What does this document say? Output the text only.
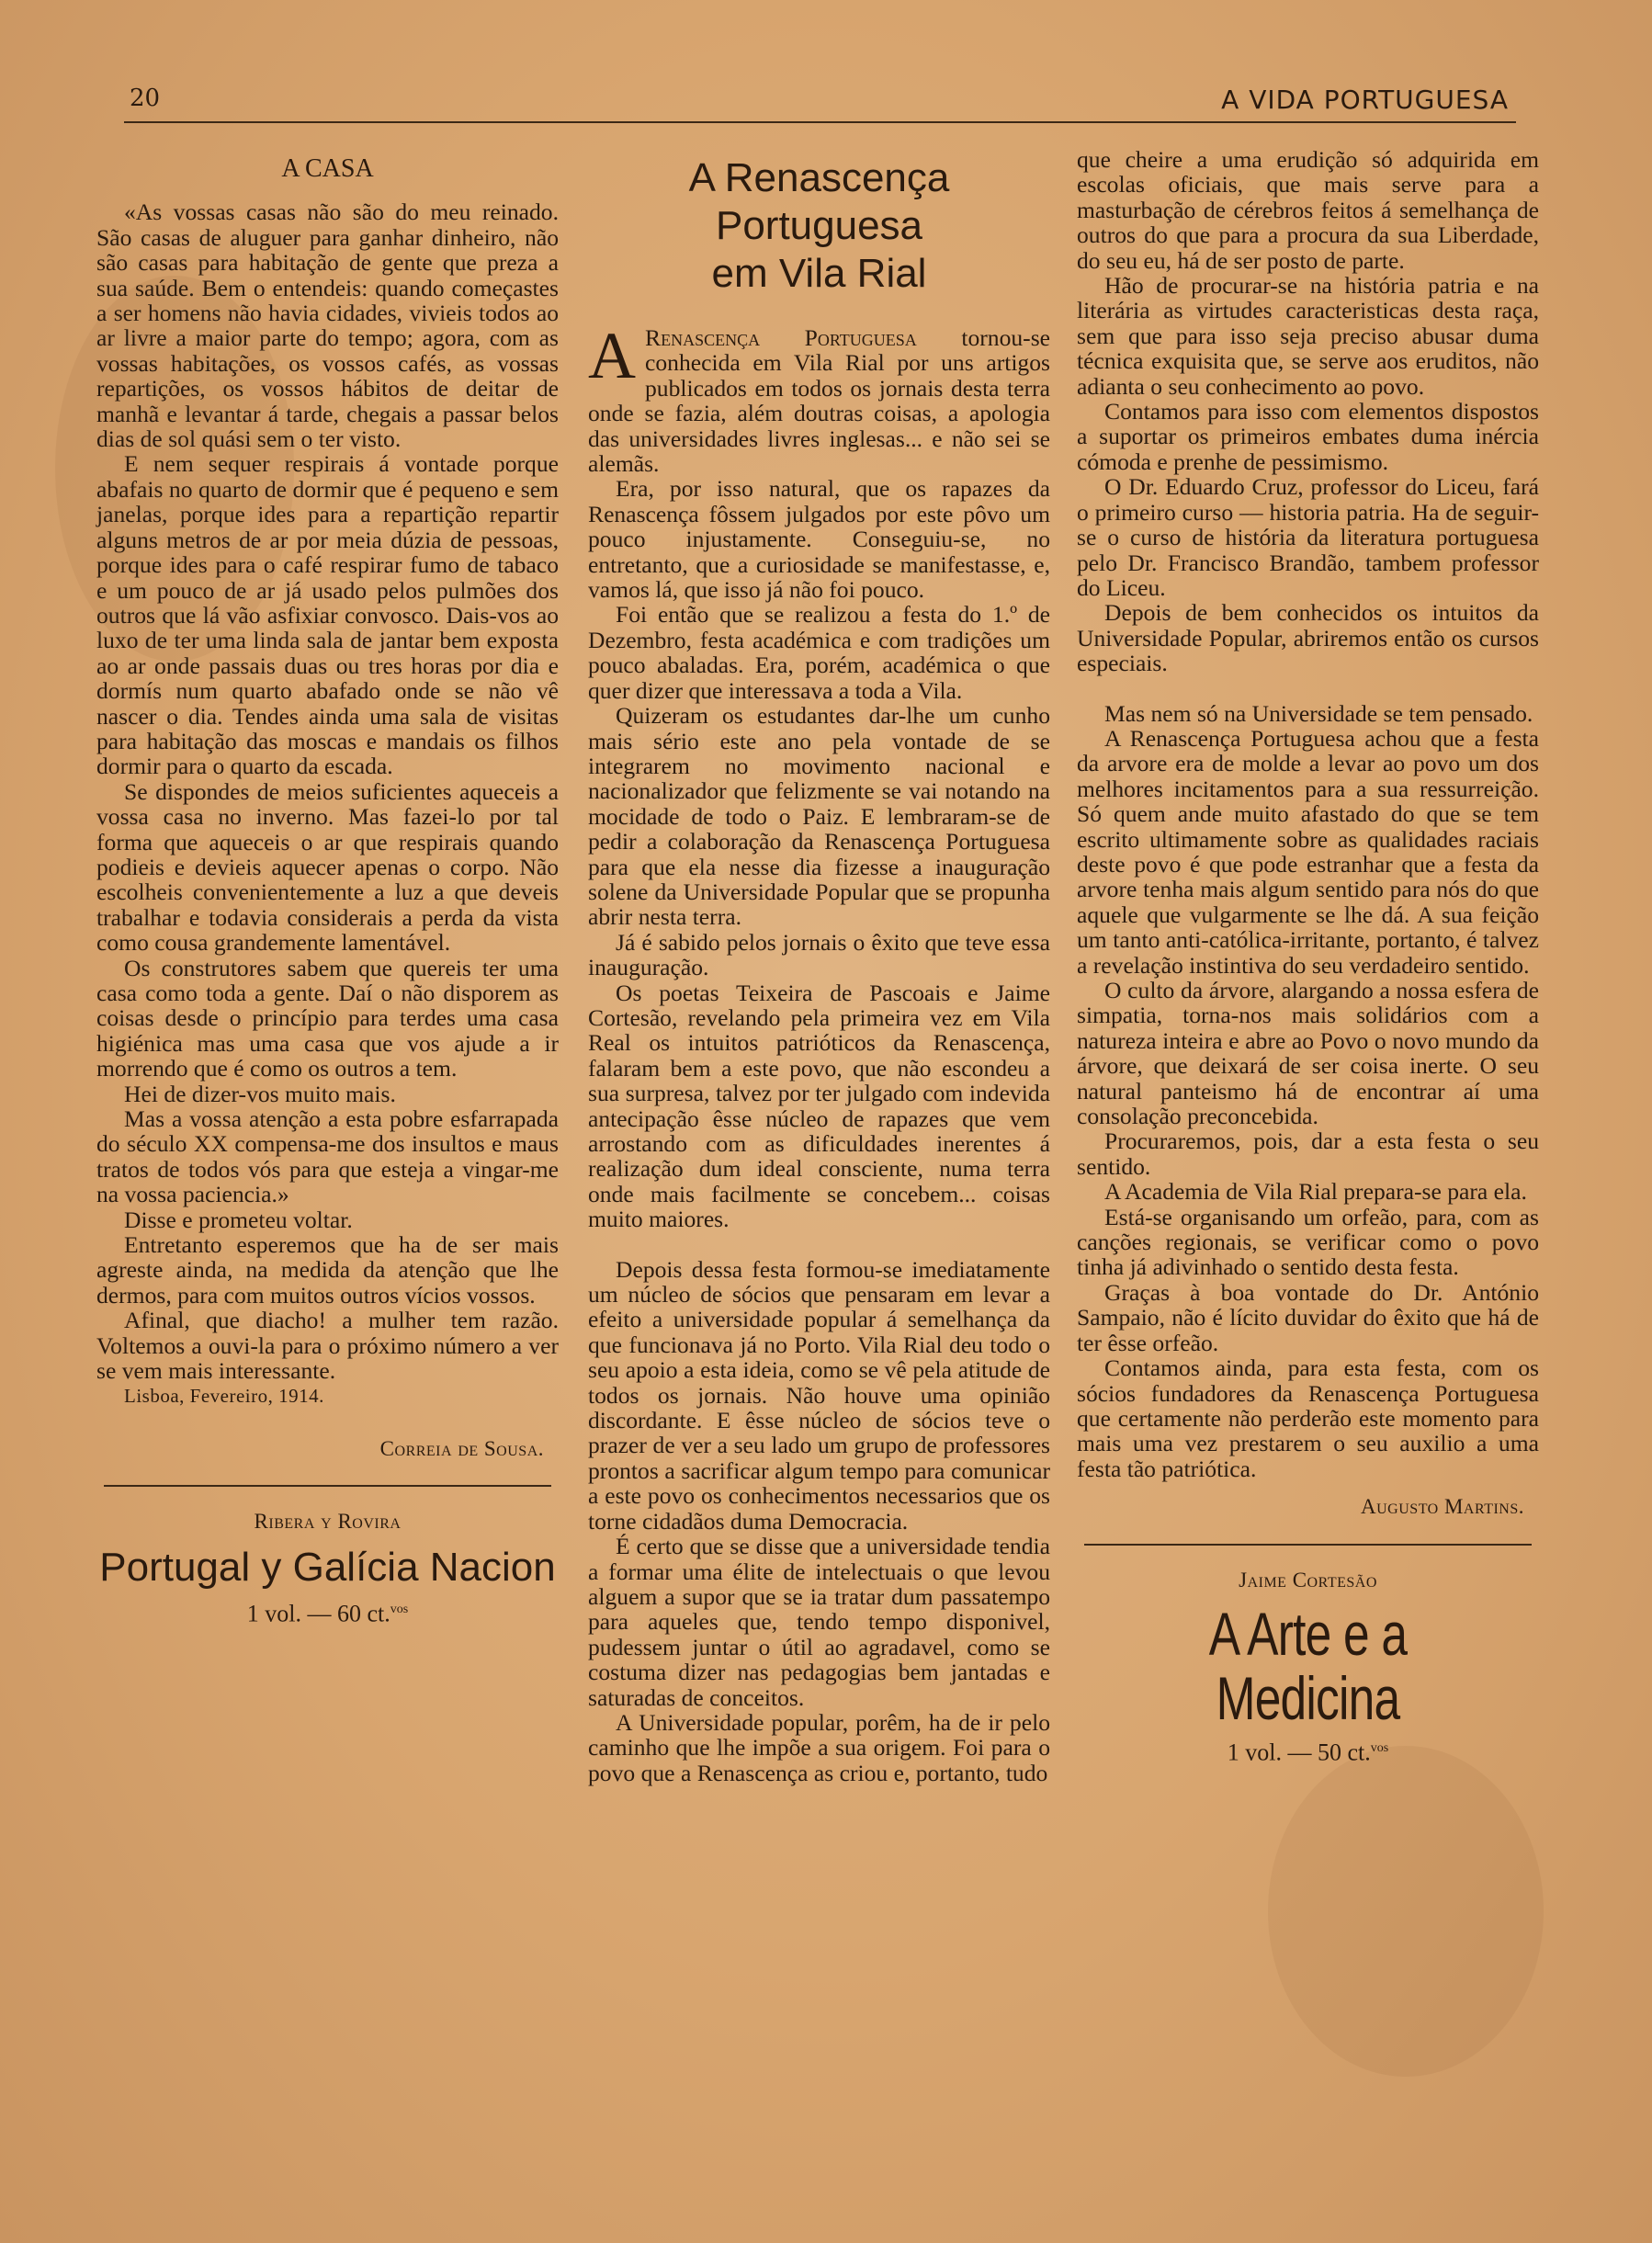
20	A VIDA PORTUGUESA
A CASA

«As vossas casas não são do meu reinado. São casas de aluguer para ganhar dinheiro, não são casas para habitação de gente que preza a sua saúde. Bem o entendeis: quando começastes a ser homens não havia cidades, vivieis todos ao ar livre a maior parte do tempo; agora, com as vossas habitações, os vossos cafés, as vossas repartições, os vossos hábitos de deitar de manhã e levantar á tarde, chegais a passar belos dias de sol quási sem o ter visto.

E nem sequer respirais á vontade porque abafais no quarto de dormir que é pequeno e sem janelas, porque ides para a repartição repartir alguns metros de ar por meia dúzia de pessoas, porque ides para o café respirar fumo de tabaco e um pouco de ar já usado pelos pulmões dos outros que lá vão asfixiar convosco. Dais-vos ao luxo de ter uma linda sala de jantar bem exposta ao ar onde passais duas ou tres horas por dia e dormís num quarto abafado onde se não vê nascer o dia. Tendes ainda uma sala de visitas para habitação das moscas e mandais os filhos dormir para o quarto da escada.

Se dispondes de meios suficientes aqueceis a vossa casa no inverno. Mas fazei-lo por tal forma que aqueceis o ar que respirais quando podieis e devieis aquecer apenas o corpo. Não escolheis convenientemente a luz a que deveis trabalhar e todavia considerais a perda da vista como cousa grandemente lamentável.

Os construtores sabem que quereis ter uma casa como toda a gente. Daí o não disporem as coisas desde o princípio para terdes uma casa higiénica mas uma casa que vos ajude a ir morrendo que é como os outros a tem.

Hei de dizer-vos muito mais.

Mas a vossa atenção a esta pobre esfarrapada do século XX compensa-me dos insultos e maus tratos de todos vós para que esteja a vingar-me na vossa paciencia.»

Disse e prometeu voltar.

Entretanto esperemos que ha de ser mais agreste ainda, na medida da atenção que lhe dermos, para com muitos outros vícios vossos.

Afinal, que diacho! a mulher tem razão. Voltemos a ouvi-la para o próximo número a ver se vem mais interessante.

Lisboa, Fevereiro, 1914.

Correia de Sousa.
Ribera y Rovira
Portugal y Galícia Nacion
1 vol. — 60 ct.$^{vos}$
A Renascença Portuguesa
em Vila Rial

A Renascença Portuguesa tornou-se conhecida em Vila Rial por uns artigos publicados em todos os jornais desta terra onde se fazia, além doutras coisas, a apologia das universidades livres inglesas... e não sei se alemãs.

Era, por isso natural, que os rapazes da Renascença fôssem julgados por este pôvo um pouco injustamente. Conseguiu-se, no entretanto, que a curiosidade se manifestasse, e, vamos lá, que isso já não foi pouco.

Foi então que se realizou a festa do 1.º de Dezembro, festa académica e com tradições um pouco abaladas. Era, porém, académica o que quer dizer que interessava a toda a Vila.

Quizeram os estudantes dar-lhe um cunho mais sério este ano pela vontade de se integrarem no movimento nacional e nacionalizador que felizmente se vai notando na mocidade de todo o Paiz. E lembraram-se de pedir a colaboração da Renascença Portuguesa para que ela nesse dia fizesse a inauguração solene da Universidade Popular que se propunha abrir nesta terra.

Já é sabido pelos jornais o êxito que teve essa inauguração.

Os poetas Teixeira de Pascoais e Jaime Cortesão, revelando pela primeira vez em Vila Real os intuitos patrióticos da Renascença, falaram bem a este povo, que não escondeu a sua surpresa, talvez por ter julgado com indevida antecipação êsse núcleo de rapazes que vem arrostando com as dificuldades inerentes á realização dum ideal consciente, numa terra onde mais facilmente se concebem... coisas muito maiores.

Depois dessa festa formou-se imediatamente um núcleo de sócios que pensaram em levar a efeito a universidade popular á semelhança da que funcionava já no Porto. Vila Rial deu todo o seu apoio a esta ideia, como se vê pela atitude de todos os jornais. Não houve uma opinião discordante. E êsse núcleo de sócios teve o prazer de ver a seu lado um grupo de professores prontos a sacrificar algum tempo para comunicar a este povo os conhecimentos necessarios que os torne cidadãos duma Democracia.

É certo que se disse que a universidade tendia a formar uma élite de intelectuais o que levou alguem a supor que se ia tratar dum passatempo para aqueles que, tendo tempo disponivel, pudessem juntar o útil ao agradavel, como se costuma dizer nas pedagogias bem jantadas e saturadas de conceitos.

A Universidade popular, porêm, ha de ir pelo caminho que lhe impõe a sua origem. Foi para o povo que a Renascença as criou e, portanto, tudo

que cheire a uma erudição só adquirida em escolas oficiais, que mais serve para a masturbação de cérebros feitos á semelhança de outros do que para a procura da sua Liberdade, do seu eu, há de ser posto de parte.

Hão de procurar-se na história patria e na literária as virtudes caracteristicas desta raça, sem que para isso seja preciso abusar duma técnica exquisita que, se serve aos eruditos, não adianta o seu conhecimento ao povo.

Contamos para isso com elementos dispostos a suportar os primeiros embates duma inércia cómoda e prenhe de pessimismo.

O Dr. Eduardo Cruz, professor do Liceu, fará o primeiro curso — historia patria. Ha de seguir-se o curso de história da literatura portuguesa pelo Dr. Francisco Brandão, tambem professor do Liceu.

Depois de bem conhecidos os intuitos da Universidade Popular, abriremos então os cursos especiais.

Mas nem só na Universidade se tem pensado.

A Renascença Portuguesa achou que a festa da arvore era de molde a levar ao povo um dos melhores incitamentos para a sua ressurreição. Só quem ande muito afastado do que se tem escrito ultimamente sobre as qualidades raciais deste povo é que pode estranhar que a festa da arvore tenha mais algum sentido para nós do que aquele que vulgarmente se lhe dá. A sua feição um tanto anti-católica-irritante, portanto, é talvez a revelação instintiva do seu verdadeiro sentido.

O culto da árvore, alargando a nossa esfera de simpatia, torna-nos mais solidários com a natureza inteira e abre ao Povo o novo mundo da árvore, que deixará de ser coisa inerte. O seu natural panteismo há de encontrar aí uma consolação preconcebida.

Procuraremos, pois, dar a esta festa o seu sentido.

A Academia de Vila Rial prepara-se para ela.

Está-se organisando um orfeão, para, com as canções regionais, se verificar como o povo tinha já adivinhado o sentido desta festa.

Graças à boa vontade do Dr. António Sampaio, não é lícito duvidar do êxito que há de ter êsse orfeão.

Contamos ainda, para esta festa, com os sócios fundadores da Renascença Portuguesa que certamente não perderão este momento para mais uma vez prestarem o seu auxilio a uma festa tão patriótica.

Augusto Martins.
Jaime Cortesão
A Arte e a Medicina
1 vol. — 50 ct.$^{vos}$
